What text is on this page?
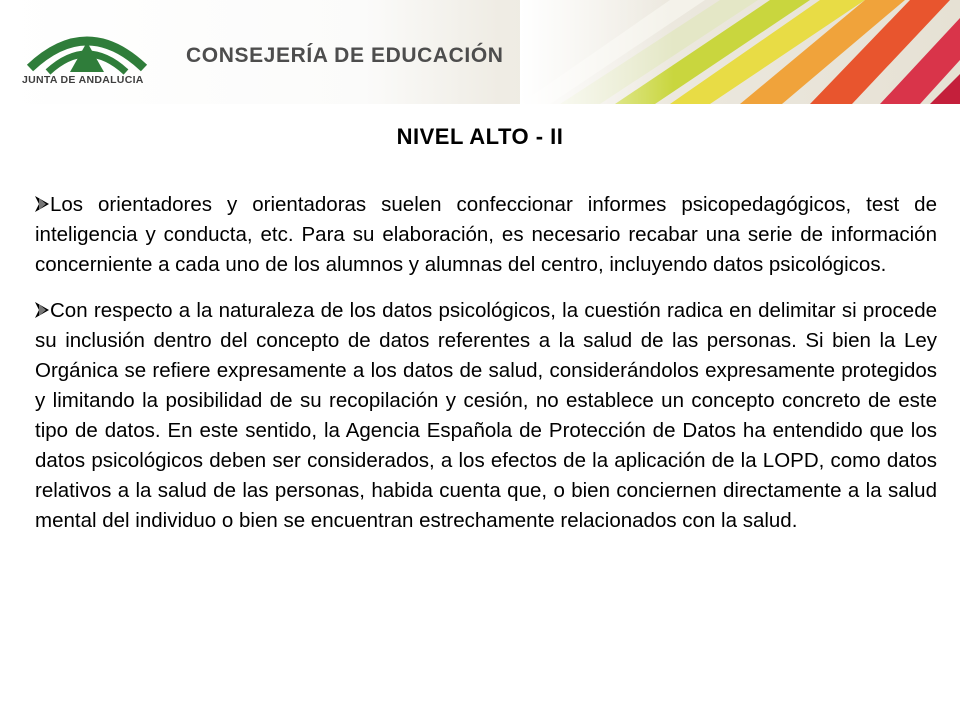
JUNTA DE ANDALUCIA
CONSEJERÍA DE EDUCACIÓN
NIVEL ALTO - II

Los orientadores y orientadoras suelen confeccionar informes psicopedagógicos, test de inteligencia y conducta, etc. Para su elaboración, es necesario recabar una serie de información concerniente a cada uno de los alumnos y alumnas del centro, incluyendo datos psicológicos.

Con respecto a la naturaleza de los datos psicológicos, la cuestión radica en delimitar si procede su inclusión dentro del concepto de datos referentes a la salud de las personas. Si bien la Ley Orgánica se refiere expresamente a los datos de salud, considerándolos expresamente protegidos y limitando la posibilidad de su recopilación y cesión, no establece un concepto concreto de este tipo de datos. En este sentido, la Agencia Española de Protección de Datos ha entendido que los datos psicológicos deben ser considerados, a los efectos de la aplicación de la LOPD, como datos relativos a la salud de las personas, habida cuenta que, o bien conciernen directamente a la salud mental del individuo o bien se encuentran estrechamente relacionados con la salud.
